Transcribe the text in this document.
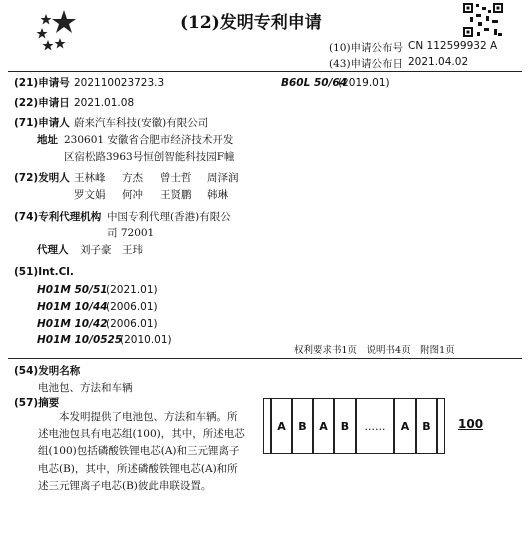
(12)发明专利申请
(10)申请公布号 CN 112599932 A
(43)申请公布日 2021.04.02
(21)申请号 202110023723.3	B60L 50/64
(2019.01)
(22)申请日 2021.01.08
(71)申请人 蔚来汽车科技(安徽)有限公司
地址 230601 安徽省合肥市经济技术开发
区宿松路3963号恒创智能科技园F幢
(72)发明人 王林峰 方杰 曾士哲 周泽润
罗文娟 何冲 王贤鹏 韩琳
(74)专利代理机构 中国专利代理(香港)有限公
司 72001
代理人 刘子豪　王玮
(51)Int.Cl.
H01M 50/51
(2021.01)
H01M 10/44
(2006.01)
H01M 10/42
(2006.01)
H01M 10/0525
(2010.01)
权利要求书1页　说明书4页　附图1页
(54)发明名称
电池包、方法和车辆
(57)摘要
　　本发明提供了电池包、方法和车辆。所述电池包具有电芯组(100)，其中，所述电芯组(100)包括磷酸铁锂电芯(A)和三元锂离子电芯(B)，其中，所述磷酸铁锂电芯(A)和所述三元锂离子电芯(B)彼此串联设置。
A	B	A	B	......	A	B	100
